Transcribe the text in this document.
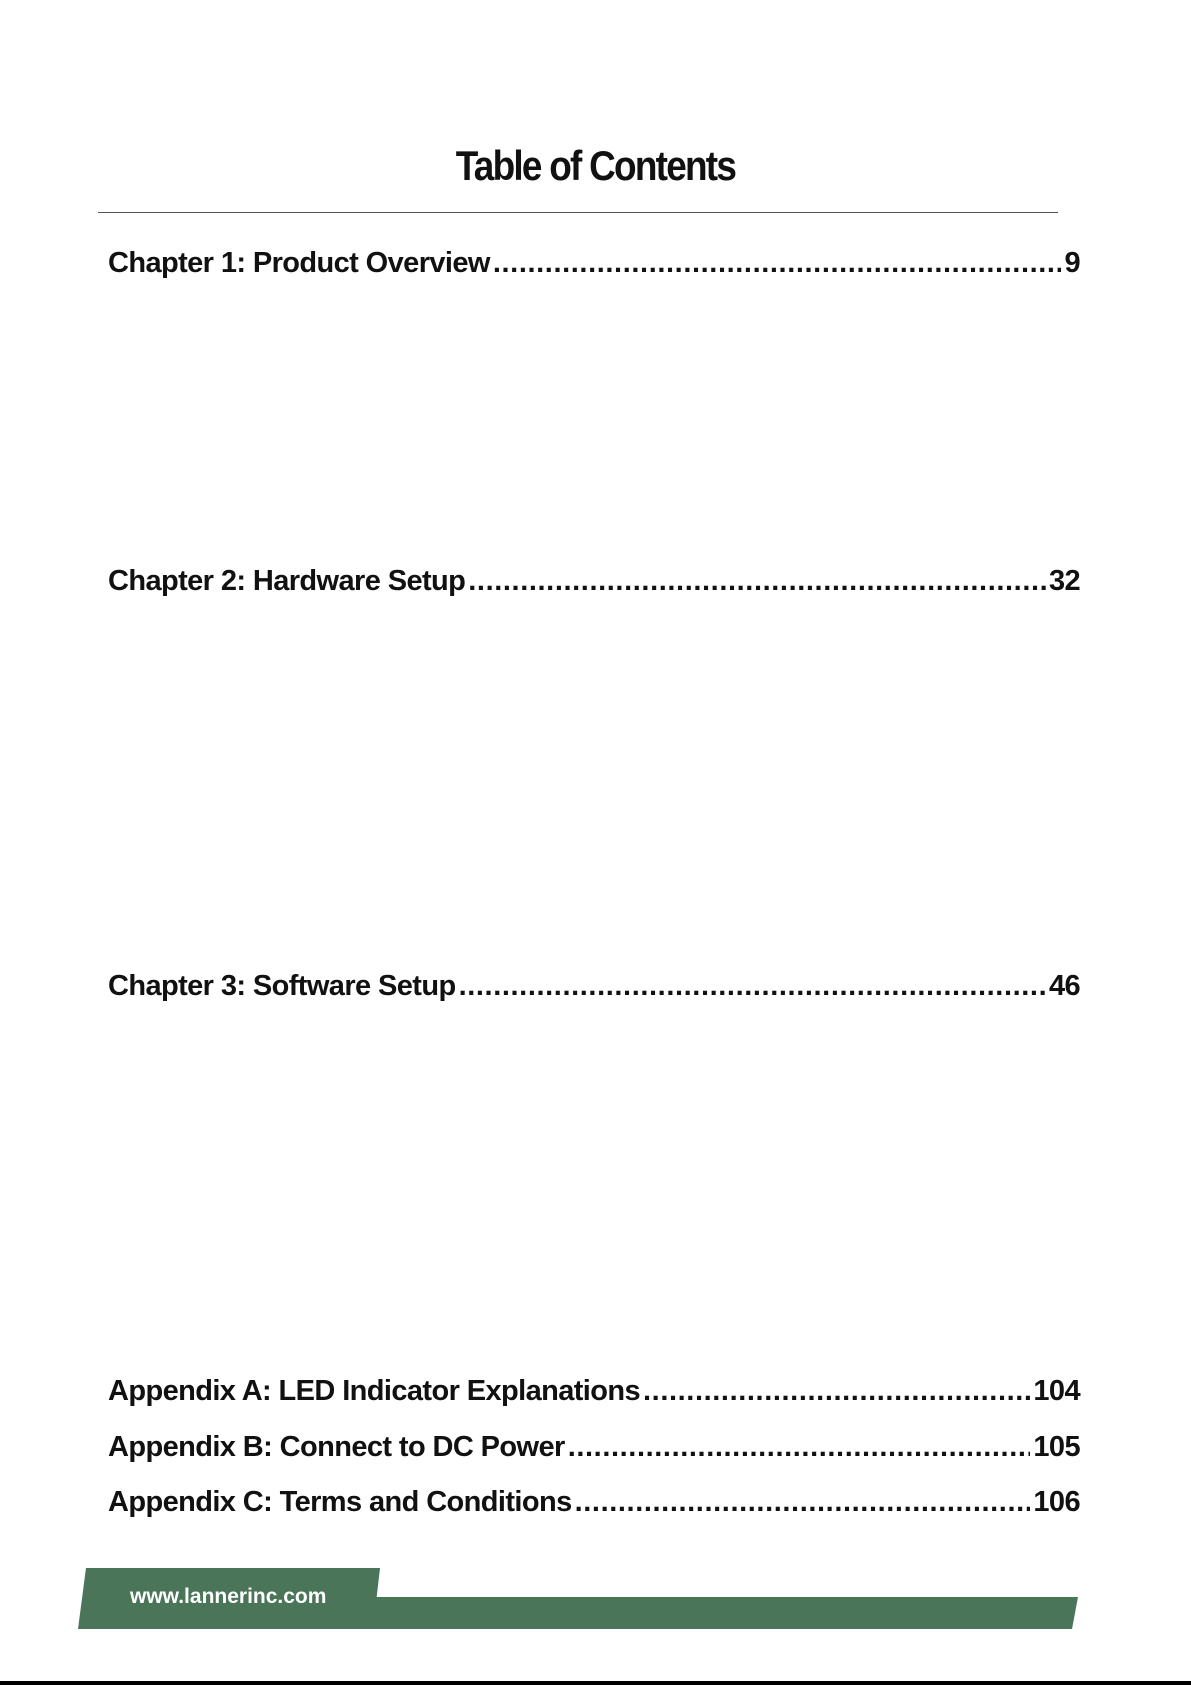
Table of Contents
Chapter 1: Product Overview .....	9
Chapter 2: Hardware Setup .....	32
Chapter 3: Software Setup .....	46
Appendix A: LED Indicator Explanations .....	104
Appendix B: Connect to DC Power .....	105
Appendix C: Terms and Conditions .....	106
www.lannerinc.com
